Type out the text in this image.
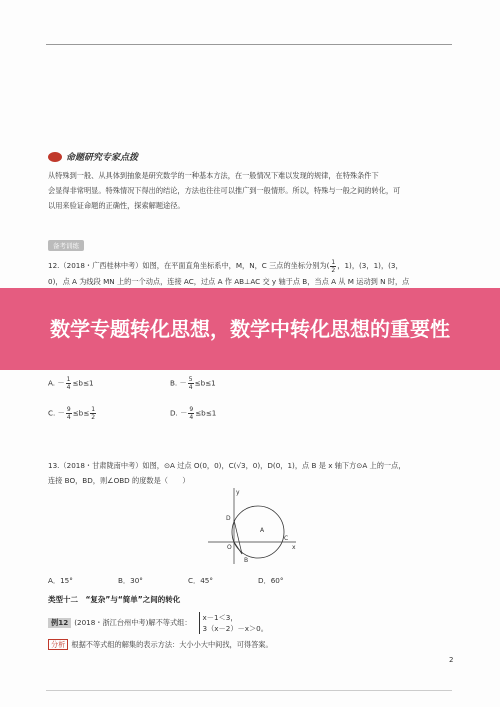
命题研究专家点拨

从特殊到一般、从具体到抽象是研究数学的一种基本方法，在一般情况下难以发现的规律，在特殊条件下

会显得非常明显。特殊情况下得出的结论，方法也往往可以推广到一般情形。所以，特殊与一般之间的转化，可

以用来验证命题的正确性，探索解题途径。

备考训练
12.（2018・广西桂林中考）如图，在平面直角坐标系中，M，N，C 三点的坐标分别为( $\frac{1}{2}$ ，1)，(3，1)，(3，
0)，点 A 为线段 MN 上的一个动点，连接 AC，过点 A 作 AB⊥AC 交 y 轴于点 B，当点 A 从 M 运动到 N 时，点
数学专题转化思想，数学中转化思想的重要性
A. － $\frac{1}{4} \le b\le 1$	B. － $\frac{5}{4} \le b\le 1$
C. － $\frac{9}{4} \le b\le \frac{1}{2}$	D. － $\frac{9}{4} \le b\le 1$
13.（2018・甘肃陇南中考）如图，⊙A 过点 O(0，0)，C(√3，0)，D(0，1)，点 B 是 x 轴下方⊙A 上的一点，
连接 BO，BD，则∠OBD 的度数是（　　）
y
D
A
O
C
x
B
A．15°	B．30°	C．45°	D．60°
类型十二　“复杂”与“简单”之间的转化
例12 (2018・浙江台州中考)解不等式组：
x－1＜3，
3（x－2）－x＞0。
分析 根据不等式组的解集的表示方法：大小小大中间找，可得答案。
2
